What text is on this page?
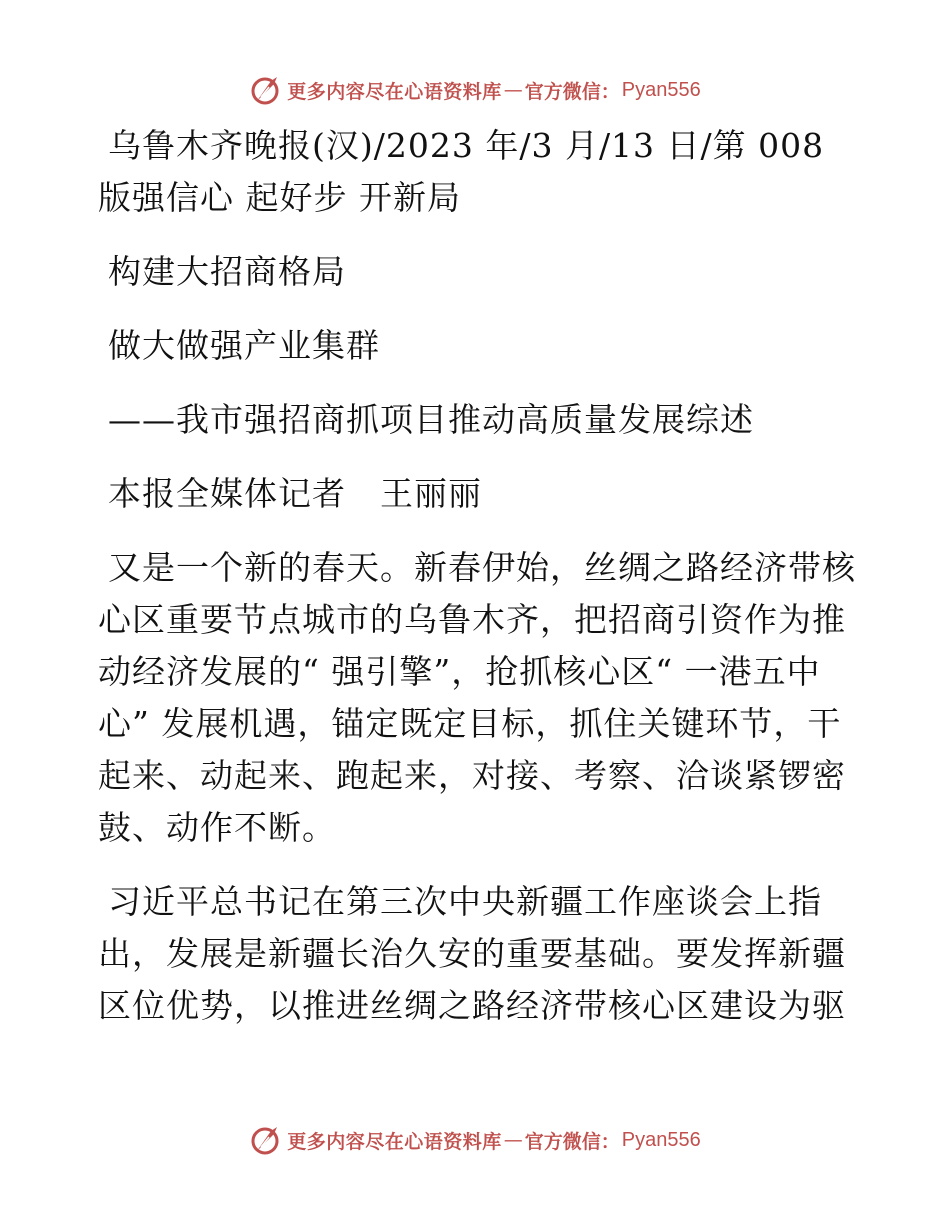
更多内容尽在心语资料库 — 官方微信： Pyan556

乌鲁木齐晚报(汉)/2023 年/3 月/13 日/第 008 版强信心 起好步 开新局

构建大招商格局

做大做强产业集群

——我市强招商抓项目推动高质量发展综述

本报全媒体记者　王丽丽

又是一个新的春天。新春伊始，丝绸之路经济带核心区重要节点城市的乌鲁木齐，把招商引资作为推动经济发展的“ 强引擎”，抢抓核心区“ 一港五中心” 发展机遇，锚定既定目标，抓住关键环节，干起来、动起来、跑起来，对接、考察、洽谈紧锣密鼓、动作不断。

习近平总书记在第三次中央新疆工作座谈会上指出，发展是新疆长治久安的重要基础。要发挥新疆区位优势，以推进丝绸之路经济带核心区建设为驱

更多内容尽在心语资料库 — 官方微信： Pyan556
